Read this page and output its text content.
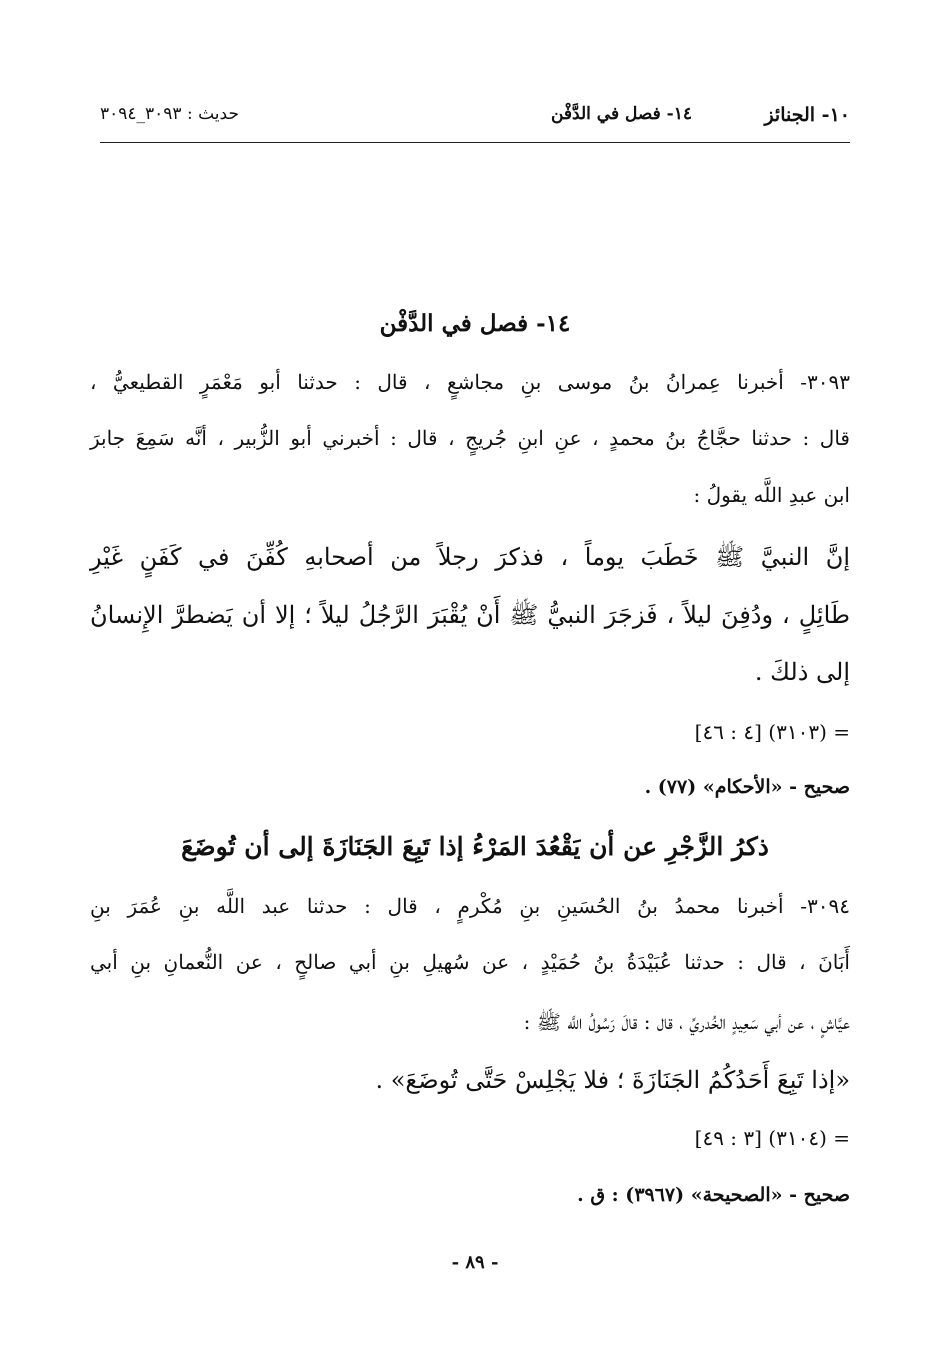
١٠- الجنائز
١٤- فصل في الدَّفْن
حديث : ٣٠٩٣_٣٠٩٤
١٤- فصل في الدَّفْن
٣٠٩٣- أخبرنا عِمرانُ بنُ موسى بنِ مجاشعٍ ، قال : حدثنا أبو مَعْمَرٍ القطيعيُّ ،
قال : حدثنا حجَّاجُ بنُ محمدٍ ، عنِ ابنِ جُريجٍ ، قال : أخبرني أبو الزُّبير ، أنَّه سَمِعَ جابرَ
ابن عبدِ اللَّه يقولُ :
إنَّ النبيَّ ﷺ خَطَبَ يوماً ، فذكرَ رجلاً من أصحابهِ كُفِّنَ في كَفَنٍ غَيْرِ
طَائِلٍ ، ودُفِنَ ليلاً ، فَزجَرَ النبيُّ ﷺ أَنْ يُقْبَرَ الرَّجُلُ ليلاً ؛ إلا أن يَضطرَّ الإِنسانُ
إلى ذلكَ .
= (٣١٠٣) [٤ : ٤٦]
صحيح - «الأحكام» (٧٧) .
ذكرُ الزَّجْرِ عن أن يَقْعُدَ المَرْءُ إذا تَبِعَ الجَنَازَةَ إلى أن تُوضَعَ
٣٠٩٤- أخبرنا محمدُ بنُ الحُسَينِ بنِ مُكْرمٍ ، قال : حدثنا عبد اللَّه بنِ عُمَرَ بنِ
أَبَانَ ، قال : حدثنا عُبَيْدَةُ بنُ حُمَيْدٍ ، عن سُهيلِ بنِ أبي صالحٍ ، عن النُّعمانِ بنِ أبي
عيَّاشٍ ، عن أبي سَعِيدٍ الخُدريِّ ، قال : قالَ رَسُولُ اللَّه ﷺ :
«إذا تَبِعَ أَحَدُكُمُ الجَنَازَةَ ؛ فلا يَجْلِسْ حَتَّى تُوضَعَ» .
= (٣١٠٤) [٣ : ٤٩]
صحيح - «الصحيحة» (٣٩٦٧) : ق .
- ٨٩ -
